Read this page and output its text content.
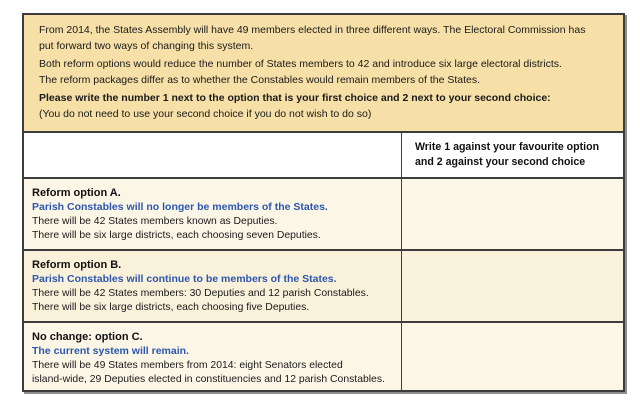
From 2014, the States Assembly will have 49 members elected in three different ways. The Electoral Commission has
put forward two ways of changing this system.

Both reform options would reduce the number of States members to 42 and introduce six large electoral districts.
The reform packages differ as to whether the Constables would remain members of the States.

Please write the number 1 next to the option that is your first choice and 2 next to your second choice:
(You do not need to use your second choice if you do not wish to do so)

Write 1 against your favourite option
and 2 against your second choice
Reform option A.
Parish Constables will no longer be members of the States.
There will be 42 States members known as Deputies.
There will be six large districts, each choosing seven Deputies.
Reform option B.
Parish Constables will continue to be members of the States.
There will be 42 States members: 30 Deputies and 12 parish Constables.
There will be six large districts, each choosing five Deputies.
No change: option C.
The current system will remain.
There will be 49 States members from 2014: eight Senators elected
island-wide, 29 Deputies elected in constituencies and 12 parish Constables.
